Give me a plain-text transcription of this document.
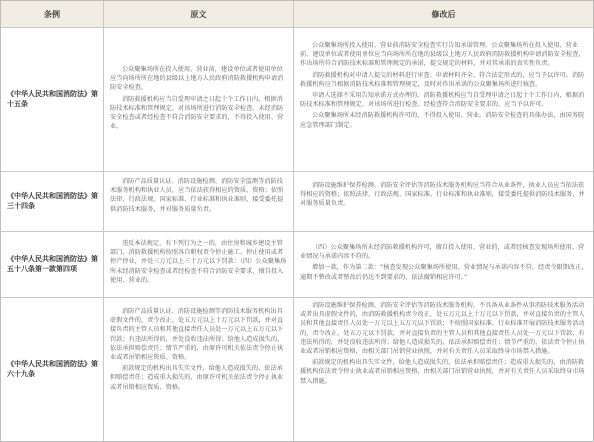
条例	原文	修改后
《中华人民共和国消防法》第十五条

公众聚集场所在投入使用、营业前，建设单位或者使用单位应当向场所所在地的县级以上地方人民政府消防救援机构申请消防安全检查。

消防救援机构应当自受理申请之日起十个工作日内，根据消防技术标准和管理规定，对该场所进行消防安全检查。未经消防安全检查或者经检查不符合消防安全要求的，不得投入使用、营业。

公众聚集场所投入使用、营业前消防安全检查实行告知承诺管理。公众聚集场所在投入使用、营业前，建设单位或者使用单位应当向场所所在地的县级以上地方人民政府消防救援机构申请消防安全检查，作出场所符合消防技术标准和管理规定的承诺，提交规定的材料，并对其承诺的真实性负责。

消防救援机构对申请人提交的材料进行审查；申请材料齐全、符合法定形式的，应当予以许可。消防救援机构应当根据消防技术标准和管理规定，及时对作出承诺的公众聚集场所进行核查。

申请人选择不采用告知承诺方式办理的，消防救援机构应当自受理申请之日起十个工作日内，根据消防技术标准和管理规定，对该场所进行检查。经检查符合消防安全要求的，应当予以许可。

公众聚集场所未经消防救援机构许可的，不得投入使用、营业。消防安全检查的具体办法，由国务院应急管理部门制定。

《中华人民共和国消防法》第三十四条

消防产品质量认证、消防设施检测、消防安全监测等消防技术服务机构和执业人员，应当依法获得相应的资质、资格；依照法律、行政法规、国家标准、行业标准和执业准则，接受委托提供消防技术服务，并对服务质量负责。

消防设施维护保养检测、消防安全评估等消防技术服务机构应当符合从业条件，执业人员应当依法获得相应的资格；依照法律、行政法规、国家标准、行业标准和执业准则，接受委托提供消防技术服务，并对服务质量负责。

《中华人民共和国消防法》第五十八条第一款第四项

违反本法规定，有下列行为之一的，由住房和城乡建设主管部门、消防救援机构按照各自职权责令停止施工、停止使用或者停产停业，并处三万元以上三十万元以下罚款：（四）公众聚集场所未经消防安全检查或者经检查不符合消防安全要求，擅自投入使用、营业的。

（四）公众聚集场所未经消防救援机构许可，擅自投入使用、营业的，或者经核查发现场所使用、营业情况与承诺内容不符的。

增加一款，作为第二款：“核查发现公众聚集场所使用、营业情况与承诺内容不符，经责令限期改正，逾期不整改或者整改后仍达不到要求的，依法撤销相应许可。”

《中华人民共和国消防法》第六十九条

消防产品质量认证、消防设施检测等消防技术服务机构出具虚假文件的，责令改正，处五万元以上十万元以下罚款，并对直接负责的主管人员和其他直接责任人员处一万元以上五万元以下罚款；有违法所得的，并处没收违法所得；给他人造成损失的，依法承担赔偿责任；情节严重的，由原许可机关依法责令停止执业或者吊销相应资质、资格。

前款规定的机构出具失实文件，给他人造成损失的，依法承担赔偿责任；造成重大损失的，由原许可机关依法责令停止执业或者吊销相应资质、资格。

消防设施维护保养检测、消防安全评估等消防技术服务机构，不具备从业条件从事消防技术服务活动或者出具虚假文件的，由消防救援机构责令改正，处五万元以上十万元以下罚款，并对直接负责的主管人员和其他直接责任人员处一万元以上五万元以下罚款；不按照国家标准、行业标准开展消防技术服务活动的，责令改正，处五万元以下罚款，并对直接负责的主管人员和其他直接责任人员处一万元以下罚款；有违法所得的，并处没收违法所得；给他人造成损失的，依法承担赔偿责任；情节严重的，依法责令停止执业或者吊销相应资格，由相关部门吊销营业执照，并对有关责任人员采取终身市场禁入措施。

前款规定的机构出具失实文件，给他人造成损失的，依法承担赔偿责任；造成重大损失的，由消防救援机构依法责令停止执业或者吊销相应资格，由相关部门吊销营业执照，并对有关责任人员采取终身市场禁入措施。
